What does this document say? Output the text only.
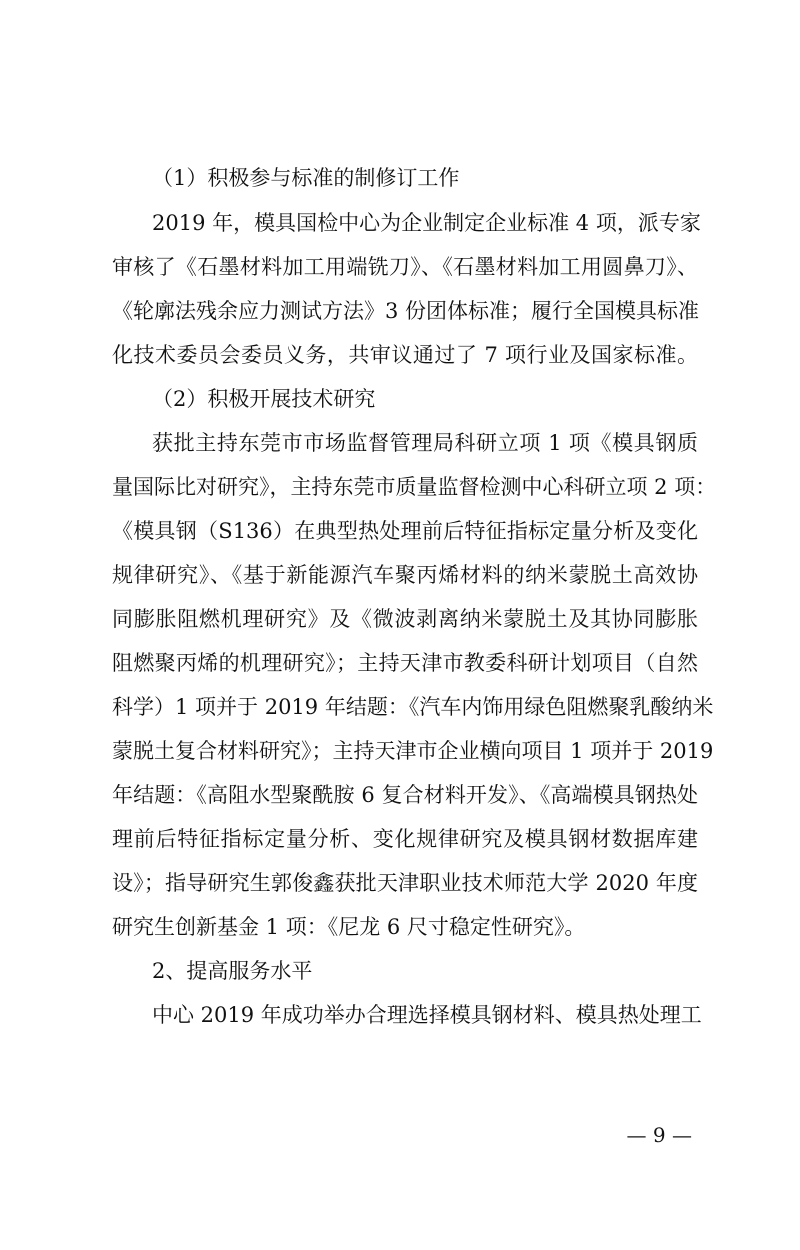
（1）积极参与标准的制修订工作
2019 年，模具国检中心为企业制定企业标准 4 项，派专家
审核了《石墨材料加工用端铣刀》、《石墨材料加工用圆鼻刀》、
《轮廓法残余应力测试方法》3 份团体标准；履行全国模具标准
化技术委员会委员义务，共审议通过了 7 项行业及国家标准。
（2）积极开展技术研究
获批主持东莞市市场监督管理局科研立项 1 项《模具钢质
量国际比对研究》，主持东莞市质量监督检测中心科研立项 2 项：
《模具钢（S136）在典型热处理前后特征指标定量分析及变化
规律研究》、《基于新能源汽车聚丙烯材料的纳米蒙脱土高效协
同膨胀阻燃机理研究》及《微波剥离纳米蒙脱土及其协同膨胀
阻燃聚丙烯的机理研究》；主持天津市教委科研计划项目（自然
科学）1 项并于 2019 年结题：《汽车内饰用绿色阻燃聚乳酸纳米
蒙脱土复合材料研究》；主持天津市企业横向项目 1 项并于 2019
年结题：《高阻水型聚酰胺 6 复合材料开发》、《高端模具钢热处
理前后特征指标定量分析、变化规律研究及模具钢材数据库建
设》；指导研究生郭俊鑫获批天津职业技术师范大学 2020 年度
研究生创新基金 1 项：《尼龙 6 尺寸稳定性研究》。
2、提高服务水平
中心 2019 年成功举办合理选择模具钢材料、模具热处理工
— 9 —
